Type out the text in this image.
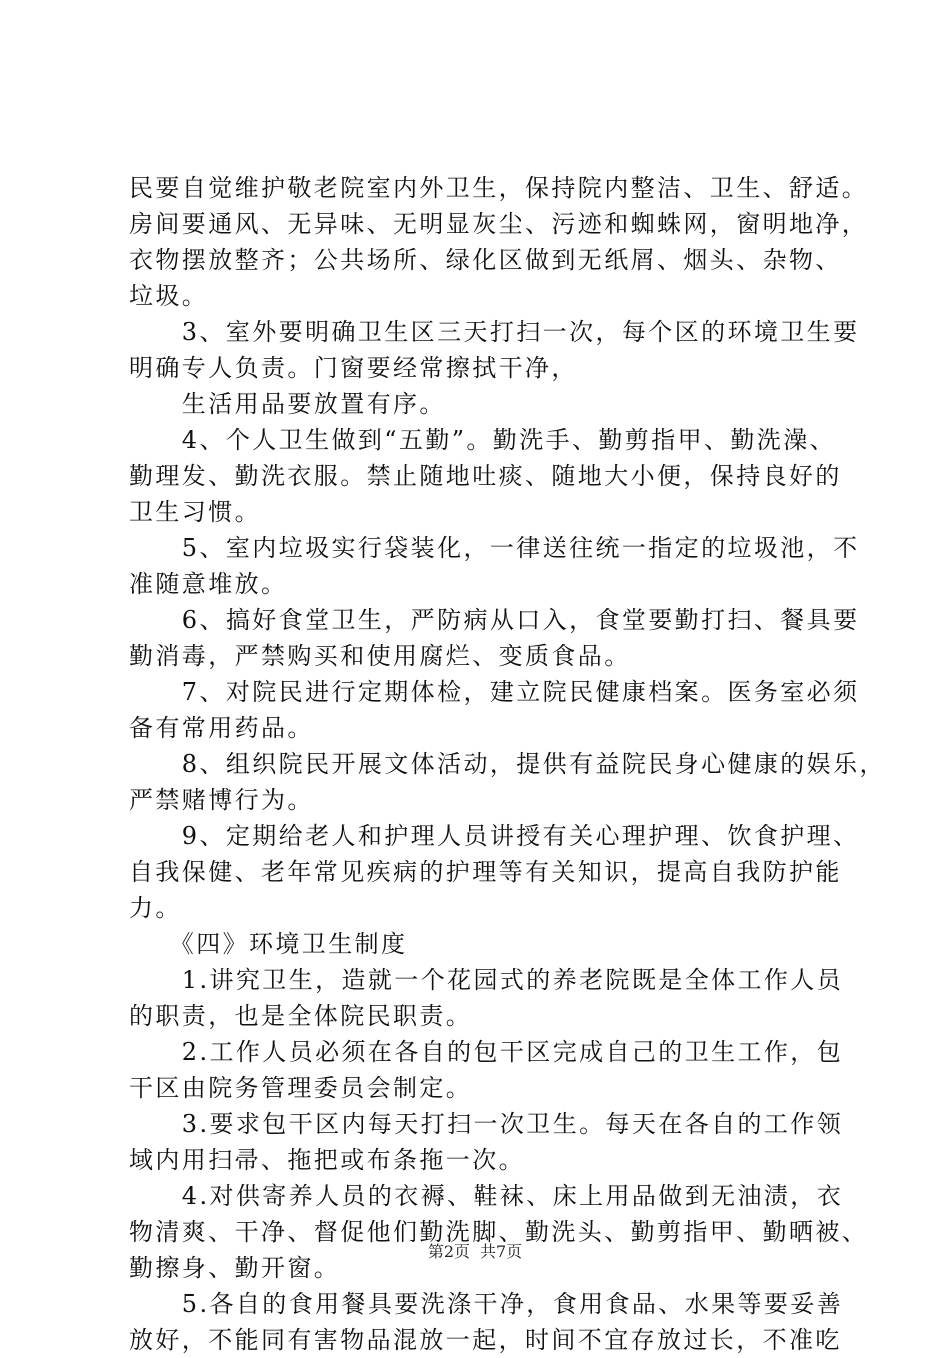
民要自觉维护敬老院室内外卫生，保持院内整洁、卫生、舒适。
房间要通风、无异味、无明显灰尘、污迹和蜘蛛网，窗明地净，
衣物摆放整齐；公共场所、绿化区做到无纸屑、烟头、杂物、
垃圾。
　　3、室外要明确卫生区三天打扫一次，每个区的环境卫生要
明确专人负责。门窗要经常擦拭干净，
　　生活用品要放置有序。
　　4、个人卫生做到“五勤”。勤洗手、勤剪指甲、勤洗澡、
勤理发、勤洗衣服。禁止随地吐痰、随地大小便，保持良好的
卫生习惯。
　　5、室内垃圾实行袋装化，一律送往统一指定的垃圾池，不
准随意堆放。
　　6、搞好食堂卫生，严防病从口入，食堂要勤打扫、餐具要
勤消毒，严禁购买和使用腐烂、变质食品。
　　7、对院民进行定期体检，建立院民健康档案。医务室必须
备有常用药品。
　　8、组织院民开展文体活动，提供有益院民身心健康的娱乐，
严禁赌博行为。
　　9、定期给老人和护理人员讲授有关心理护理、饮食护理、
自我保健、老年常见疾病的护理等有关知识，提高自我防护能
力。
　　《四》环境卫生制度
　　1.讲究卫生，造就一个花园式的养老院既是全体工作人员
的职责，也是全体院民职责。
　　2.工作人员必须在各自的包干区完成自己的卫生工作，包
干区由院务管理委员会制定。
　　3.要求包干区内每天打扫一次卫生。每天在各自的工作领
域内用扫帚、拖把或布条拖一次。
　　4.对供寄养人员的衣褥、鞋袜、床上用品做到无油渍，衣
物清爽、干净、督促他们勤洗脚、勤洗头、勤剪指甲、勤晒被、
勤擦身、勤开窗。
　　5.各自的食用餐具要洗涤干净，食用食品、水果等要妥善
放好，不能同有害物品混放一起，时间不宜存放过长，不准吃
第2页 共7页
